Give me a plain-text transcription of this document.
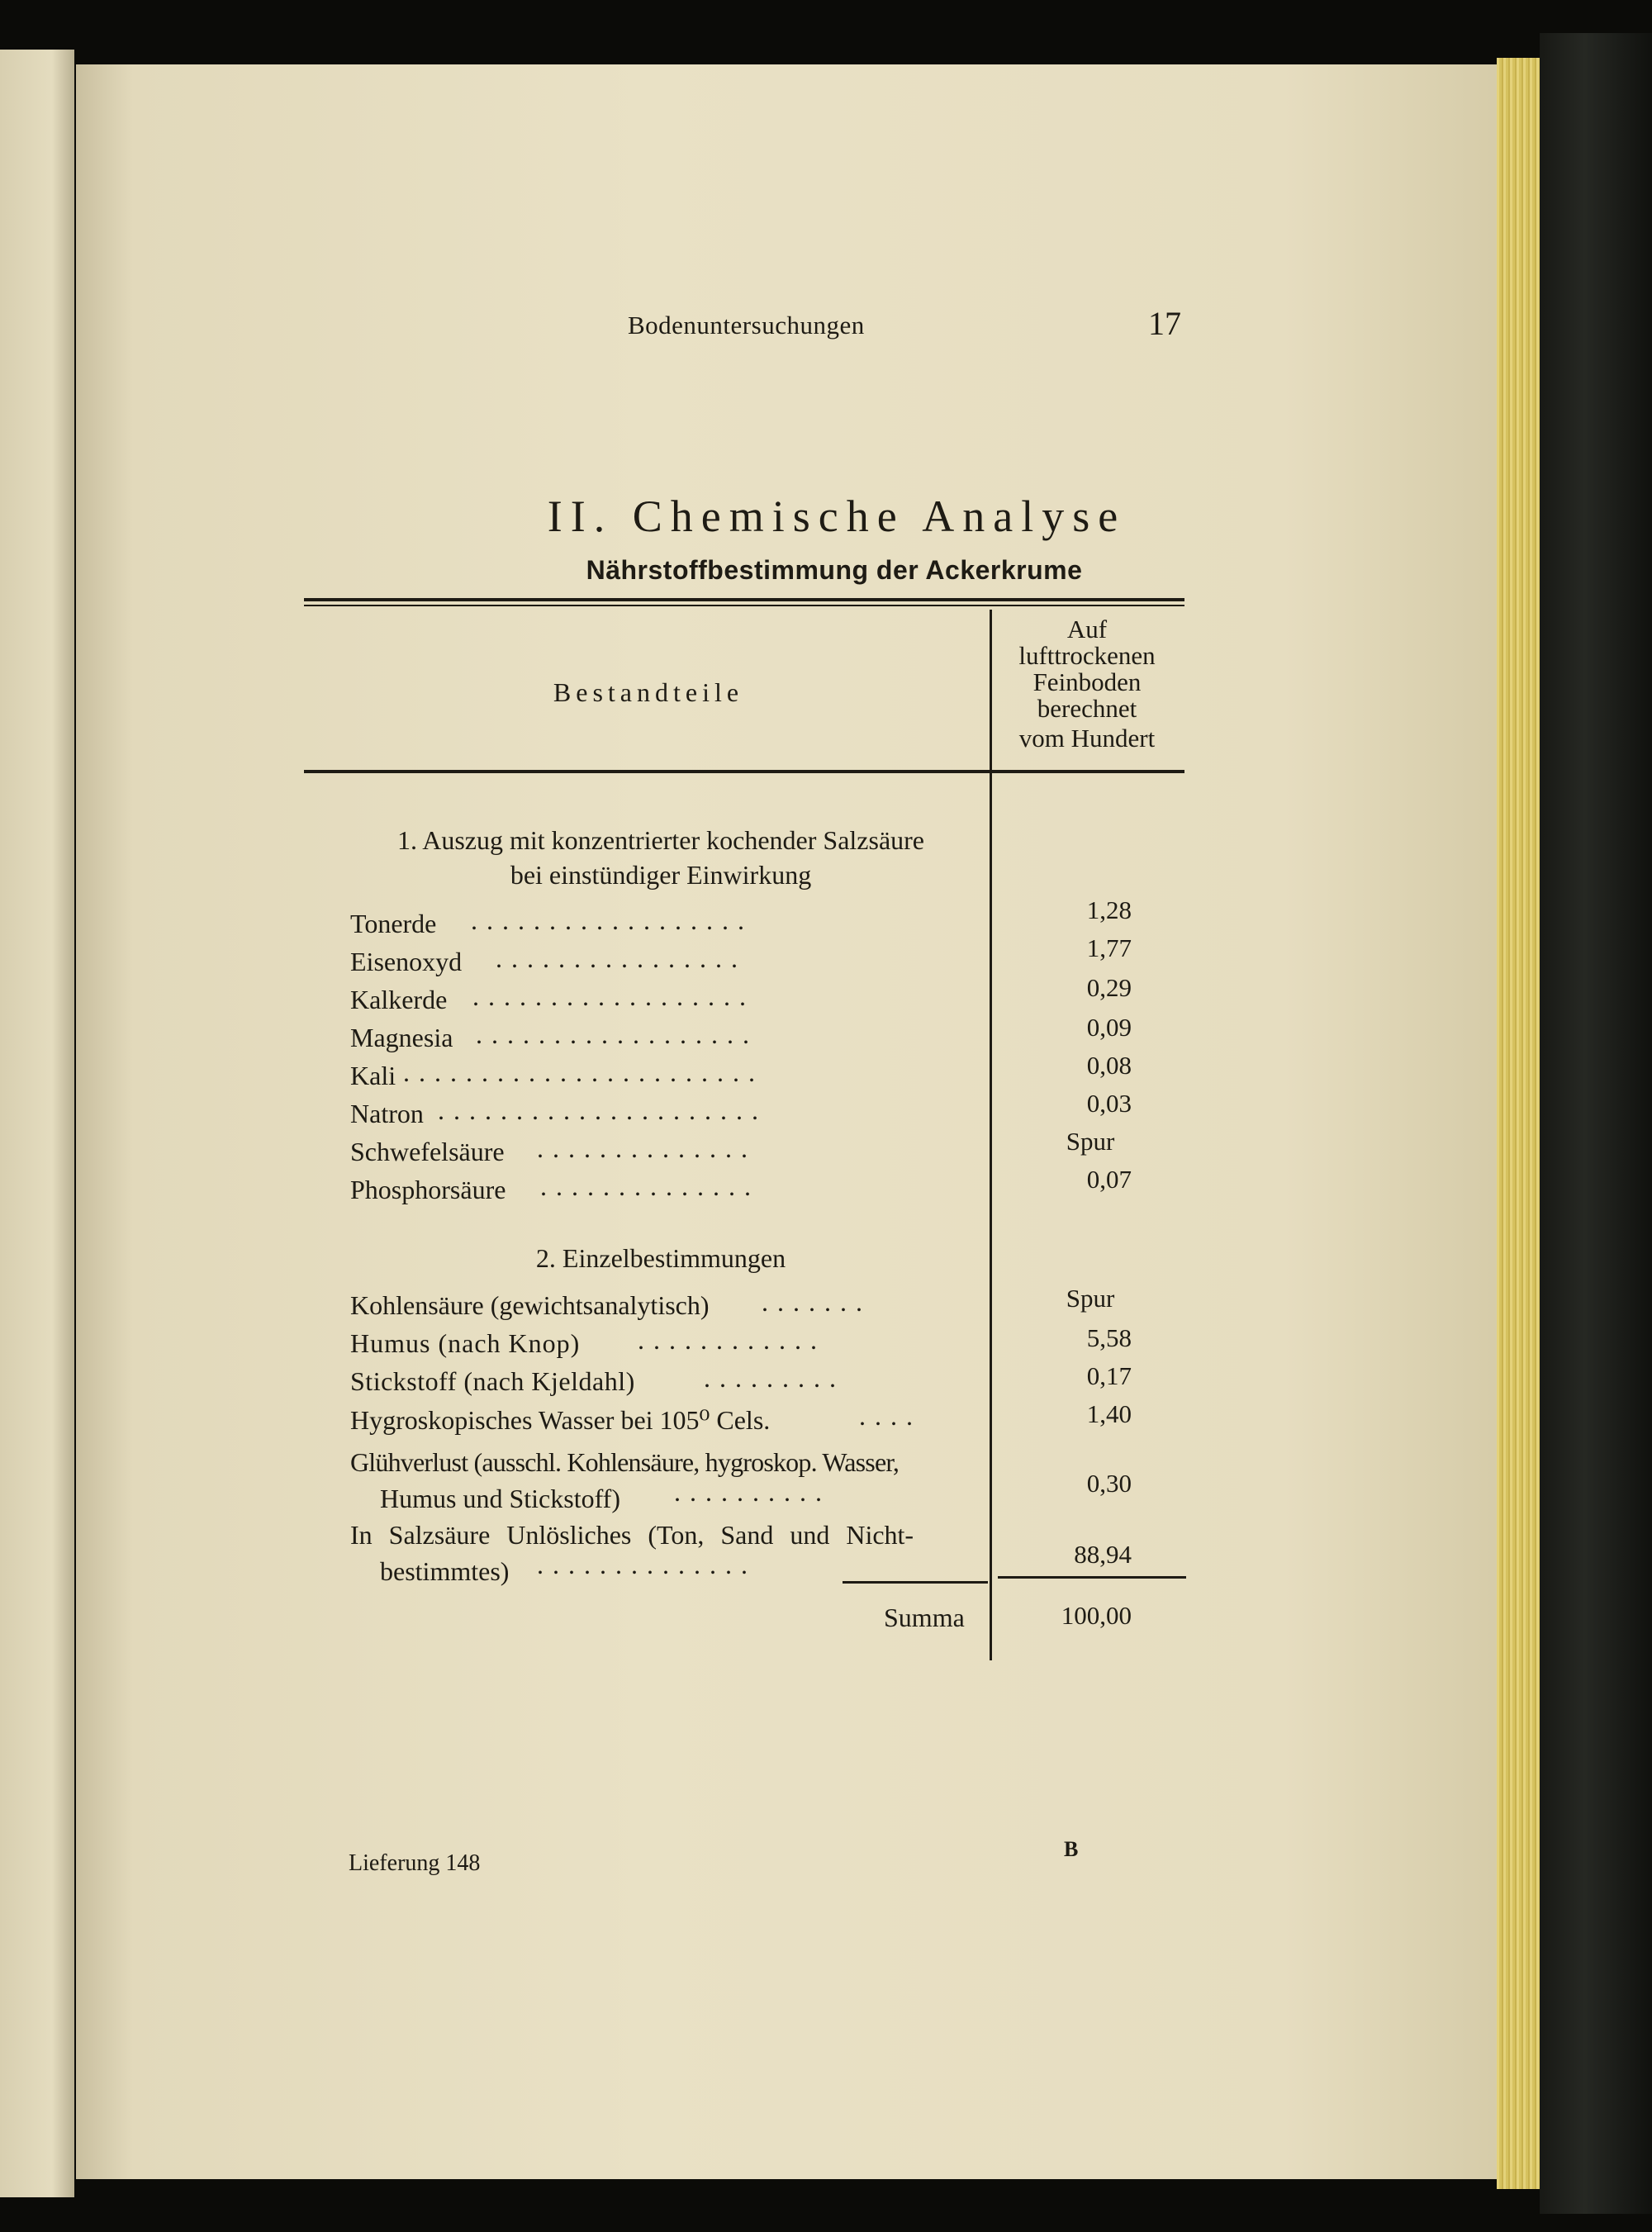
Bodenuntersuchungen	17
II. Chemische Analyse
Nährstoffbestimmung der Ackerkrume
Bestandteile
Auf
lufttrockenen
Feinboden
berechnet
vom Hundert
1. Auszug mit konzentrierter kochender Salzsäure
bei einstündiger Einwirkung
Tonerde ..................	1,28
Eisenoxyd ................	1,77
Kalkerde ..................	0,29
Magnesia ..................	0,09
Kali .......................	0,08
Natron .....................	0,03
Schwefelsäure ..............	Spur
Phosphorsäure ..............	0,07
2. Einzelbestimmungen
Kohlensäure (gewichtsanalytisch) .......	Spur
Humus (nach Knop) ............	5,58
Stickstoff (nach Kjeldahl)	.........	0,17
Hygroskopisches Wasser bei 105⁰ Cels.	....	1,40
Glühverlust (ausschl. Kohlensäure, hygroskop. Wasser,
Humus und Stickstoff)	..........	0,30
In Salzsäure Unlösliches (Ton, Sand und Nicht-
bestimmtes)	..............	88,94
Summa	100,00
Lieferung 148
B
